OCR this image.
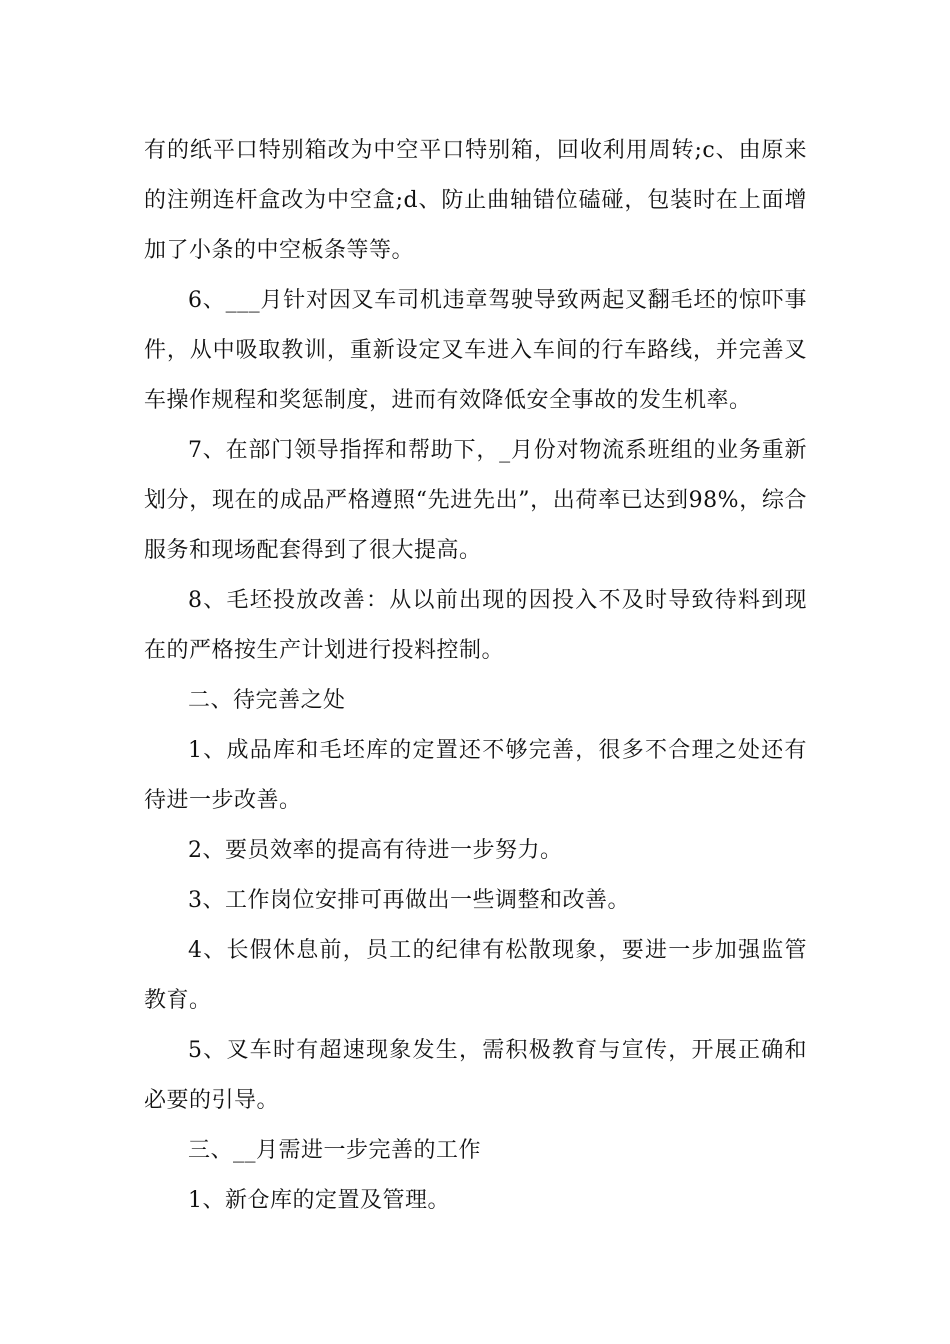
有的纸平口特别箱改为中空平口特别箱，回收利用周转;c、由原来的注朔连杆盒改为中空盒;d、防止曲轴错位磕碰，包装时在上面增加了小条的中空板条等等。

6、___月针对因叉车司机违章驾驶导致两起叉翻毛坯的惊吓事件，从中吸取教训，重新设定叉车进入车间的行车路线，并完善叉车操作规程和奖惩制度，进而有效降低安全事故的发生机率。

7、在部门领导指挥和帮助下，_月份对物流系班组的业务重新划分，现在的成品严格遵照“先进先出”，出荷率已达到98%，综合服务和现场配套得到了很大提高。

8、毛坯投放改善：从以前出现的因投入不及时导致待料到现在的严格按生产计划进行投料控制。

二、待完善之处

1、成品库和毛坯库的定置还不够完善，很多不合理之处还有待进一步改善。

2、要员效率的提高有待进一步努力。

3、工作岗位安排可再做出一些调整和改善。

4、长假休息前，员工的纪律有松散现象，要进一步加强监管教育。

5、叉车时有超速现象发生，需积极教育与宣传，开展正确和必要的引导。

三、__月需进一步完善的工作

1、新仓库的定置及管理。
